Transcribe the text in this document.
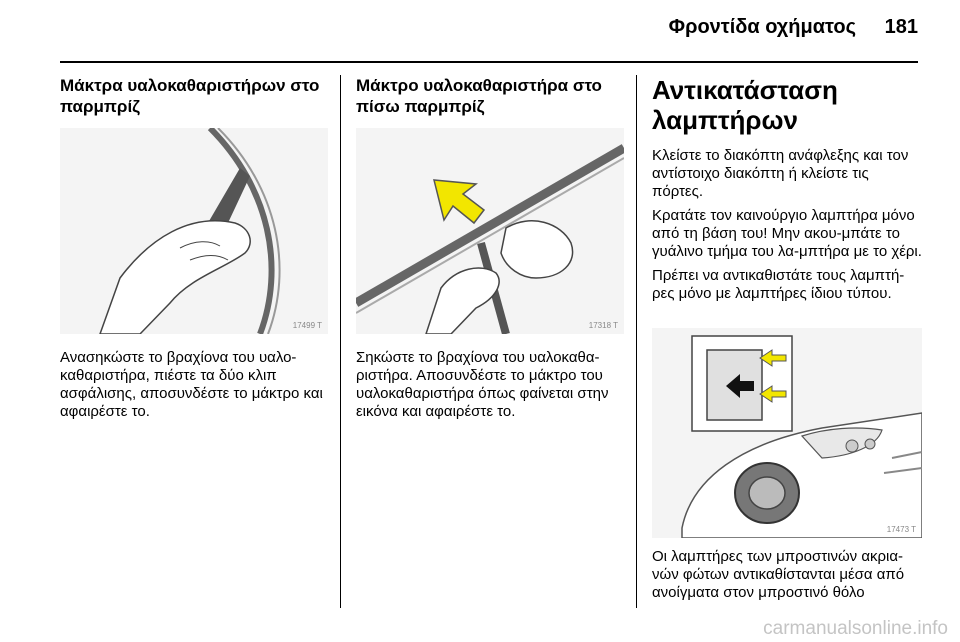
Φροντίδα οχήματος 181
Μάκτρα υαλοκαθαριστήρων στο παρμπρίζ
17499 T

Ανασηκώστε το βραχίονα του υαλο-καθαριστήρα, πιέστε τα δύο κλιπ ασφάλισης, αποσυνδέστε το μάκτρο και αφαιρέστε το.

Μάκτρο υαλοκαθαριστήρα στο πίσω παρμπρίζ
17318 T

Σηκώστε το βραχίονα του υαλοκαθα-ριστήρα. Αποσυνδέστε το μάκτρο του υαλοκαθαριστήρα όπως φαίνεται στην εικόνα και αφαιρέστε το.

Αντικατάσταση λαμπτήρων

Κλείστε το διακόπτη ανάφλεξης και τον αντίστοιχο διακόπτη ή κλείστε τις πόρτες.

Κρατάτε τον καινούργιο λαμπτήρα μόνο από τη βάση του! Μην ακου-μπάτε το γυάλινο τμήμα του λα-μπτήρα με το χέρι.

Πρέπει να αντικαθιστάτε τους λαμπτή-ρες μόνο με λαμπτήρες ίδιου τύπου.

17473 T

Οι λαμπτήρες των μπροστινών ακρια-νών φώτων αντικαθίστανται μέσα από ανοίγματα στον μπροστινό θόλο

carmanualsonline.info
